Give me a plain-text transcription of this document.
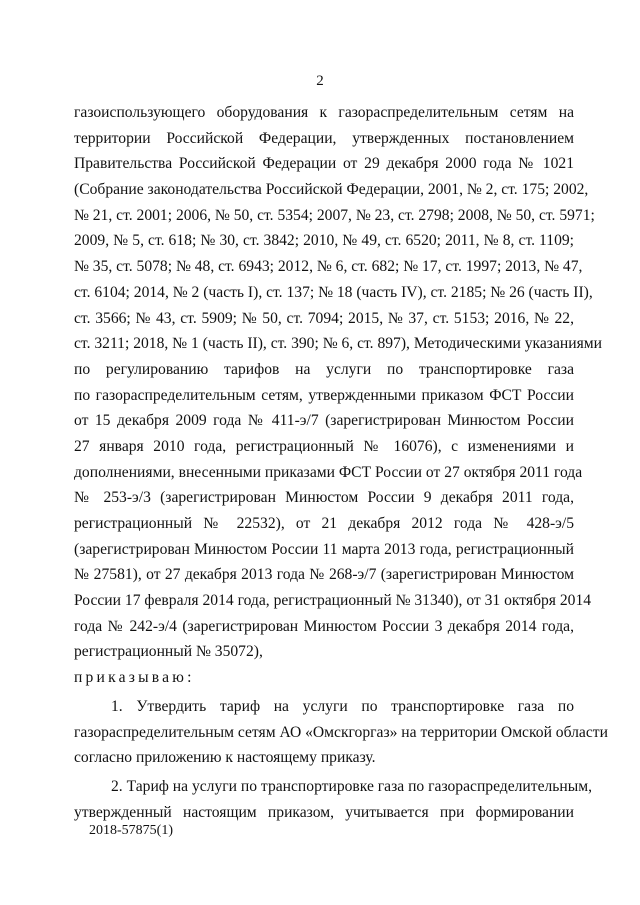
2
газоиспользующего оборудования к газораспределительным сетям на
территории Российской Федерации, утвержденных постановлением
Правительства Российской Федерации от 29 декабря 2000 года № 1021
(Собрание законодательства Российской Федерации, 2001, № 2, ст. 175; 2002,
№ 21, ст. 2001; 2006, № 50, ст. 5354; 2007, № 23, ст. 2798; 2008, № 50, ст. 5971;
2009, № 5, ст. 618; № 30, ст. 3842; 2010, № 49, ст. 6520; 2011, № 8, ст. 1109;
№ 35, ст. 5078; № 48, ст. 6943; 2012, № 6, ст. 682; № 17, ст. 1997; 2013, № 47,
ст. 6104; 2014, № 2 (часть I), ст. 137; № 18 (часть IV), ст. 2185; № 26 (часть II),
ст. 3566; № 43, ст. 5909; № 50, ст. 7094; 2015, № 37, ст. 5153; 2016, № 22,
ст. 3211; 2018, № 1 (часть II), ст. 390; № 6, ст. 897), Методическими указаниями
по регулированию тарифов на услуги по транспортировке газа
по газораспределительным сетям, утвержденными приказом ФСТ России
от 15 декабря 2009 года № 411-э/7 (зарегистрирован Минюстом России
27 января 2010 года, регистрационный № 16076), с изменениями и
дополнениями, внесенными приказами ФСТ России от 27 октября 2011 года
№ 253-э/3 (зарегистрирован Минюстом России 9 декабря 2011 года,
регистрационный № 22532), от 21 декабря 2012 года № 428-э/5
(зарегистрирован Минюстом России 11 марта 2013 года, регистрационный
№ 27581), от 27 декабря 2013 года № 268-э/7 (зарегистрирован Минюстом
России 17 февраля 2014 года, регистрационный № 31340), от 31 октября 2014
года № 242-э/4 (зарегистрирован Минюстом России 3 декабря 2014 года,
регистрационный № 35072),
приказываю:
1. Утвердить тариф на услуги по транспортировке газа по
газораспределительным сетям АО «Омскгоргаз» на территории Омской области
согласно приложению к настоящему приказу.
2. Тариф на услуги по транспортировке газа по газораспределительным,
утвержденный настоящим приказом, учитывается при формировании
2018-57875(1)
